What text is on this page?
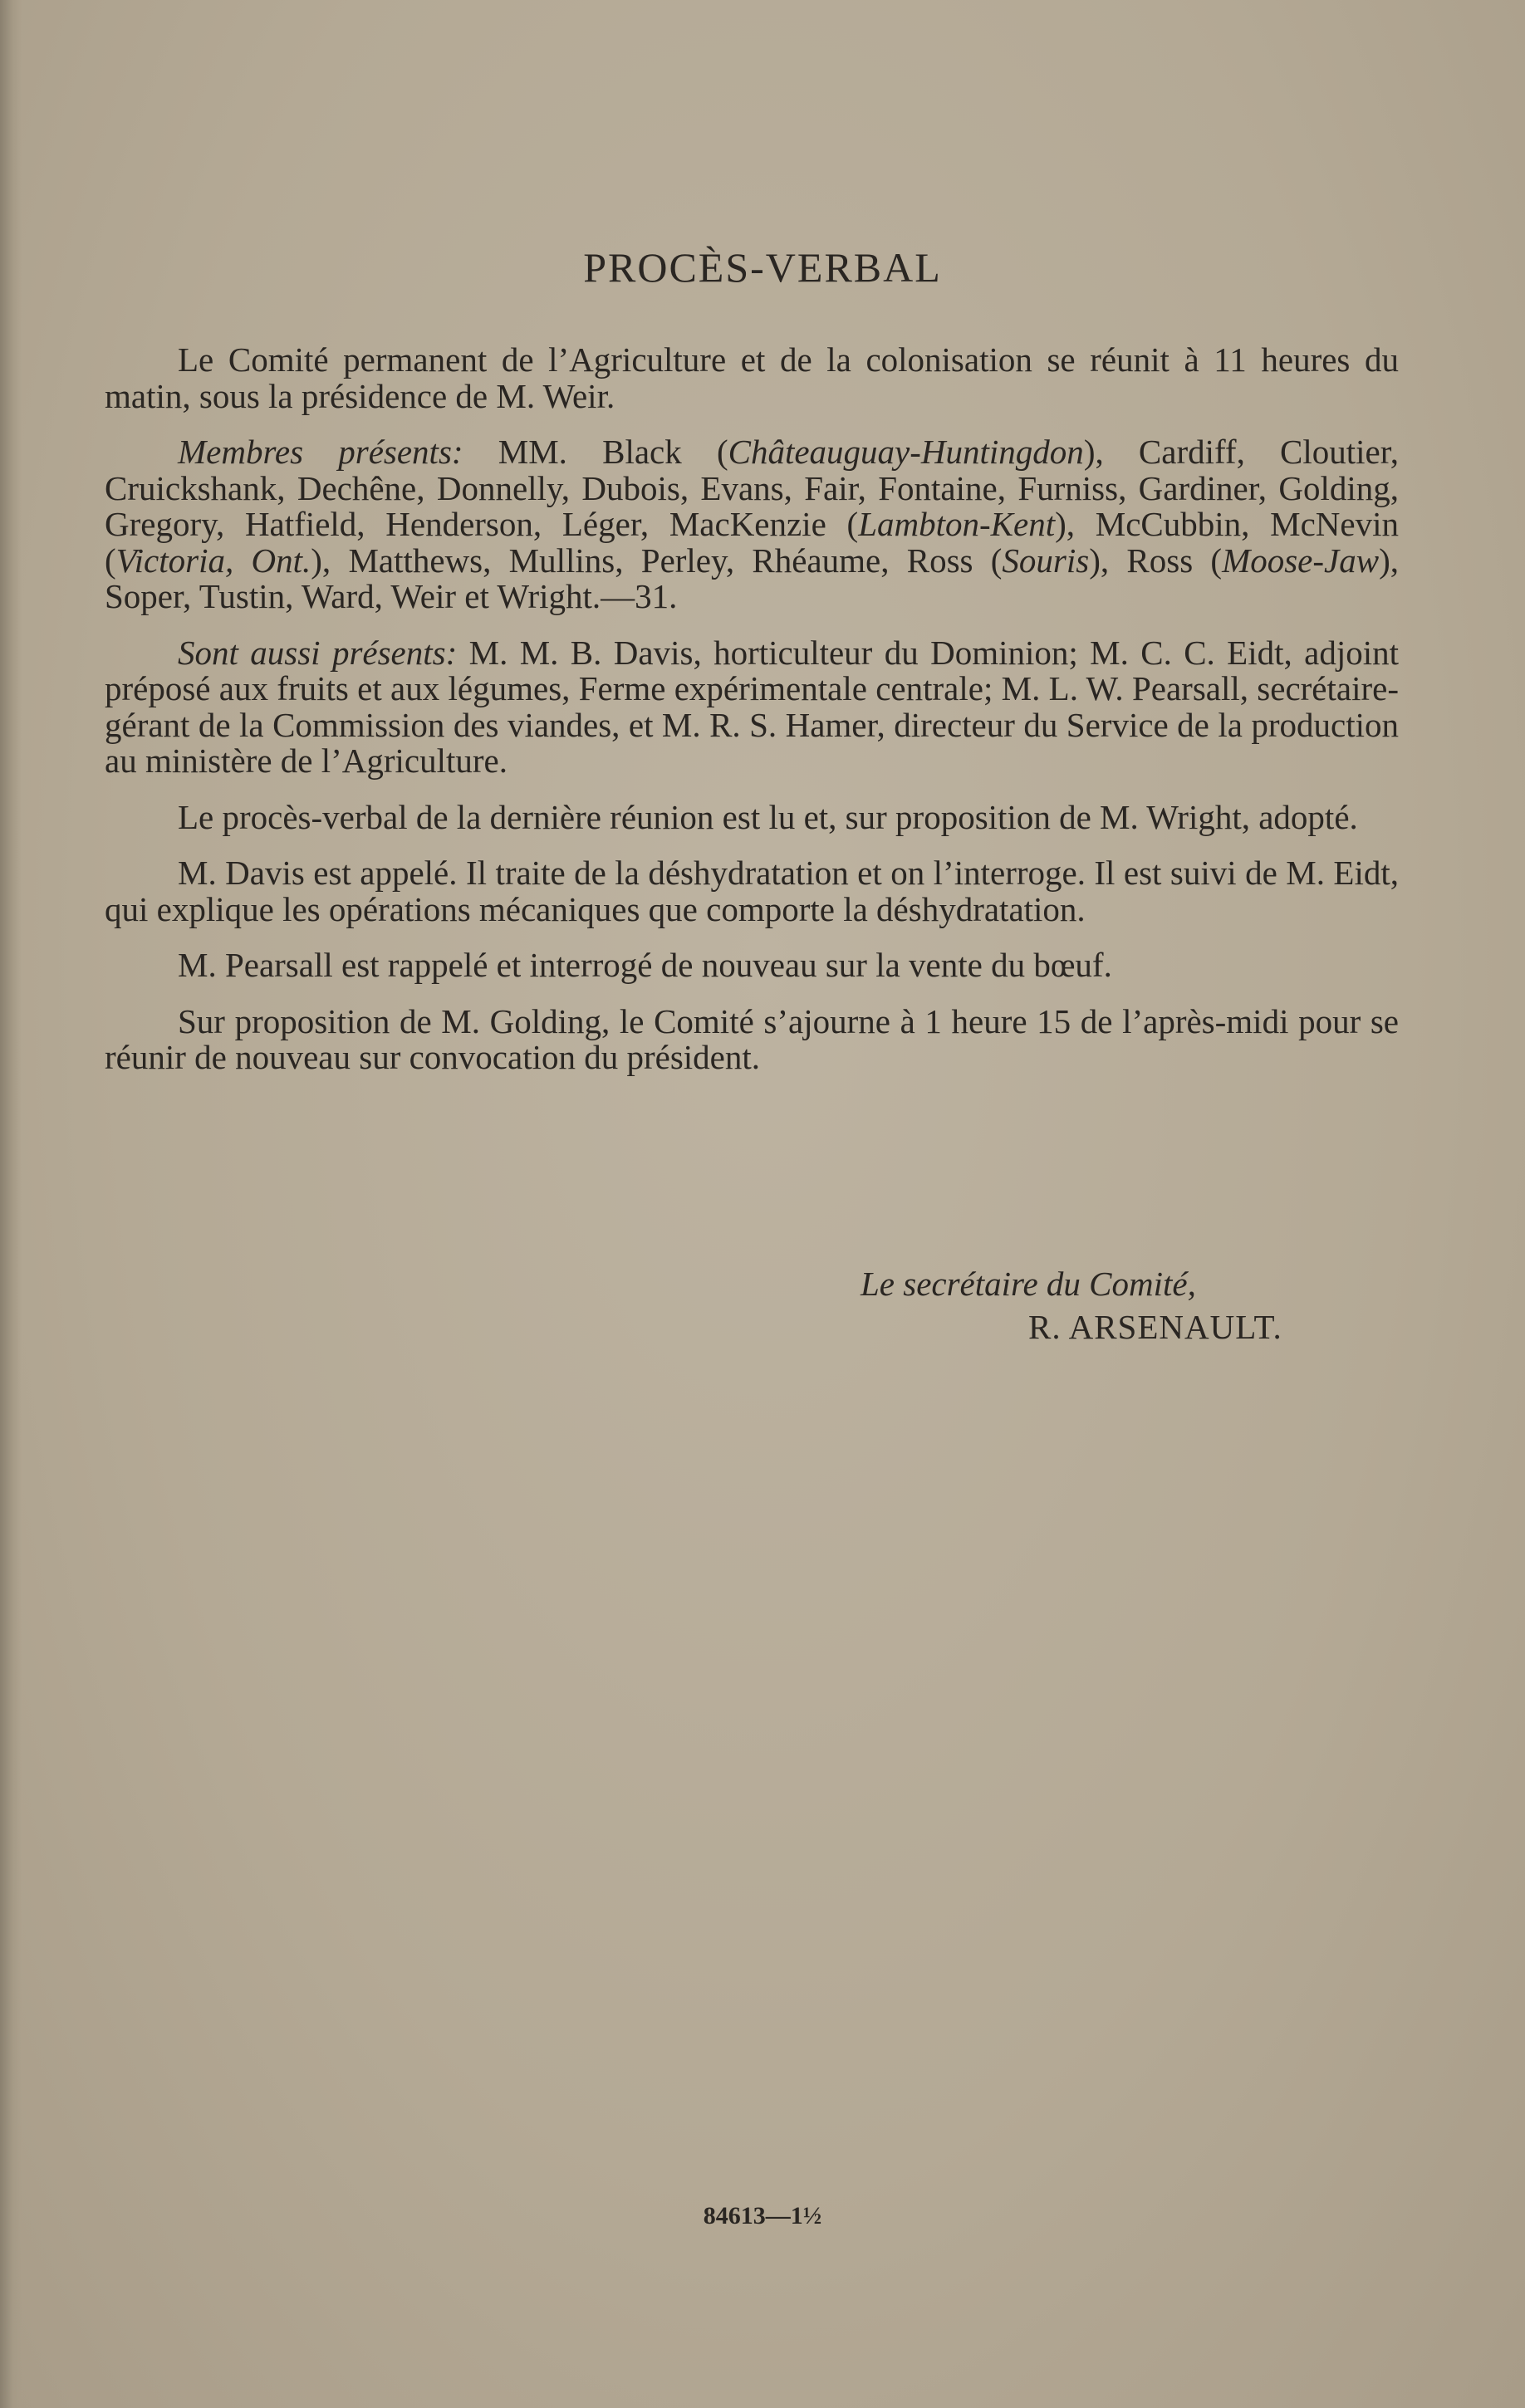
PROCÈS-VERBAL

Le Comité permanent de l’Agriculture et de la colonisation se réunit à 11 heures du matin, sous la présidence de M. Weir.

Membres présents: MM. Black (Châteauguay-Huntingdon), Cardiff, Cloutier, Cruickshank, Dechêne, Donnelly, Dubois, Evans, Fair, Fontaine, Furniss, Gardiner, Golding, Gregory, Hatfield, Henderson, Léger, MacKenzie (Lambton-Kent), McCubbin, McNevin (Victoria, Ont.), Matthews, Mullins, Perley, Rhéaume, Ross (Souris), Ross (Moose-Jaw), Soper, Tustin, Ward, Weir et Wright.—31.

Sont aussi présents: M. M. B. Davis, horticulteur du Dominion; M. C. C. Eidt, adjoint préposé aux fruits et aux légumes, Ferme expérimentale centrale; M. L. W. Pearsall, secrétaire-gérant de la Commission des viandes, et M. R. S. Hamer, directeur du Service de la production au ministère de l’Agriculture.

Le procès-verbal de la dernière réunion est lu et, sur proposition de M. Wright, adopté.

M. Davis est appelé. Il traite de la déshydratation et on l’interroge. Il est suivi de M. Eidt, qui explique les opérations mécaniques que comporte la déshydratation.

M. Pearsall est rappelé et interrogé de nouveau sur la vente du bœuf.

Sur proposition de M. Golding, le Comité s’ajourne à 1 heure 15 de l’après-midi pour se réunir de nouveau sur convocation du président.

Le secrétaire du Comité,
R. ARSENAULT.
84613—1½
